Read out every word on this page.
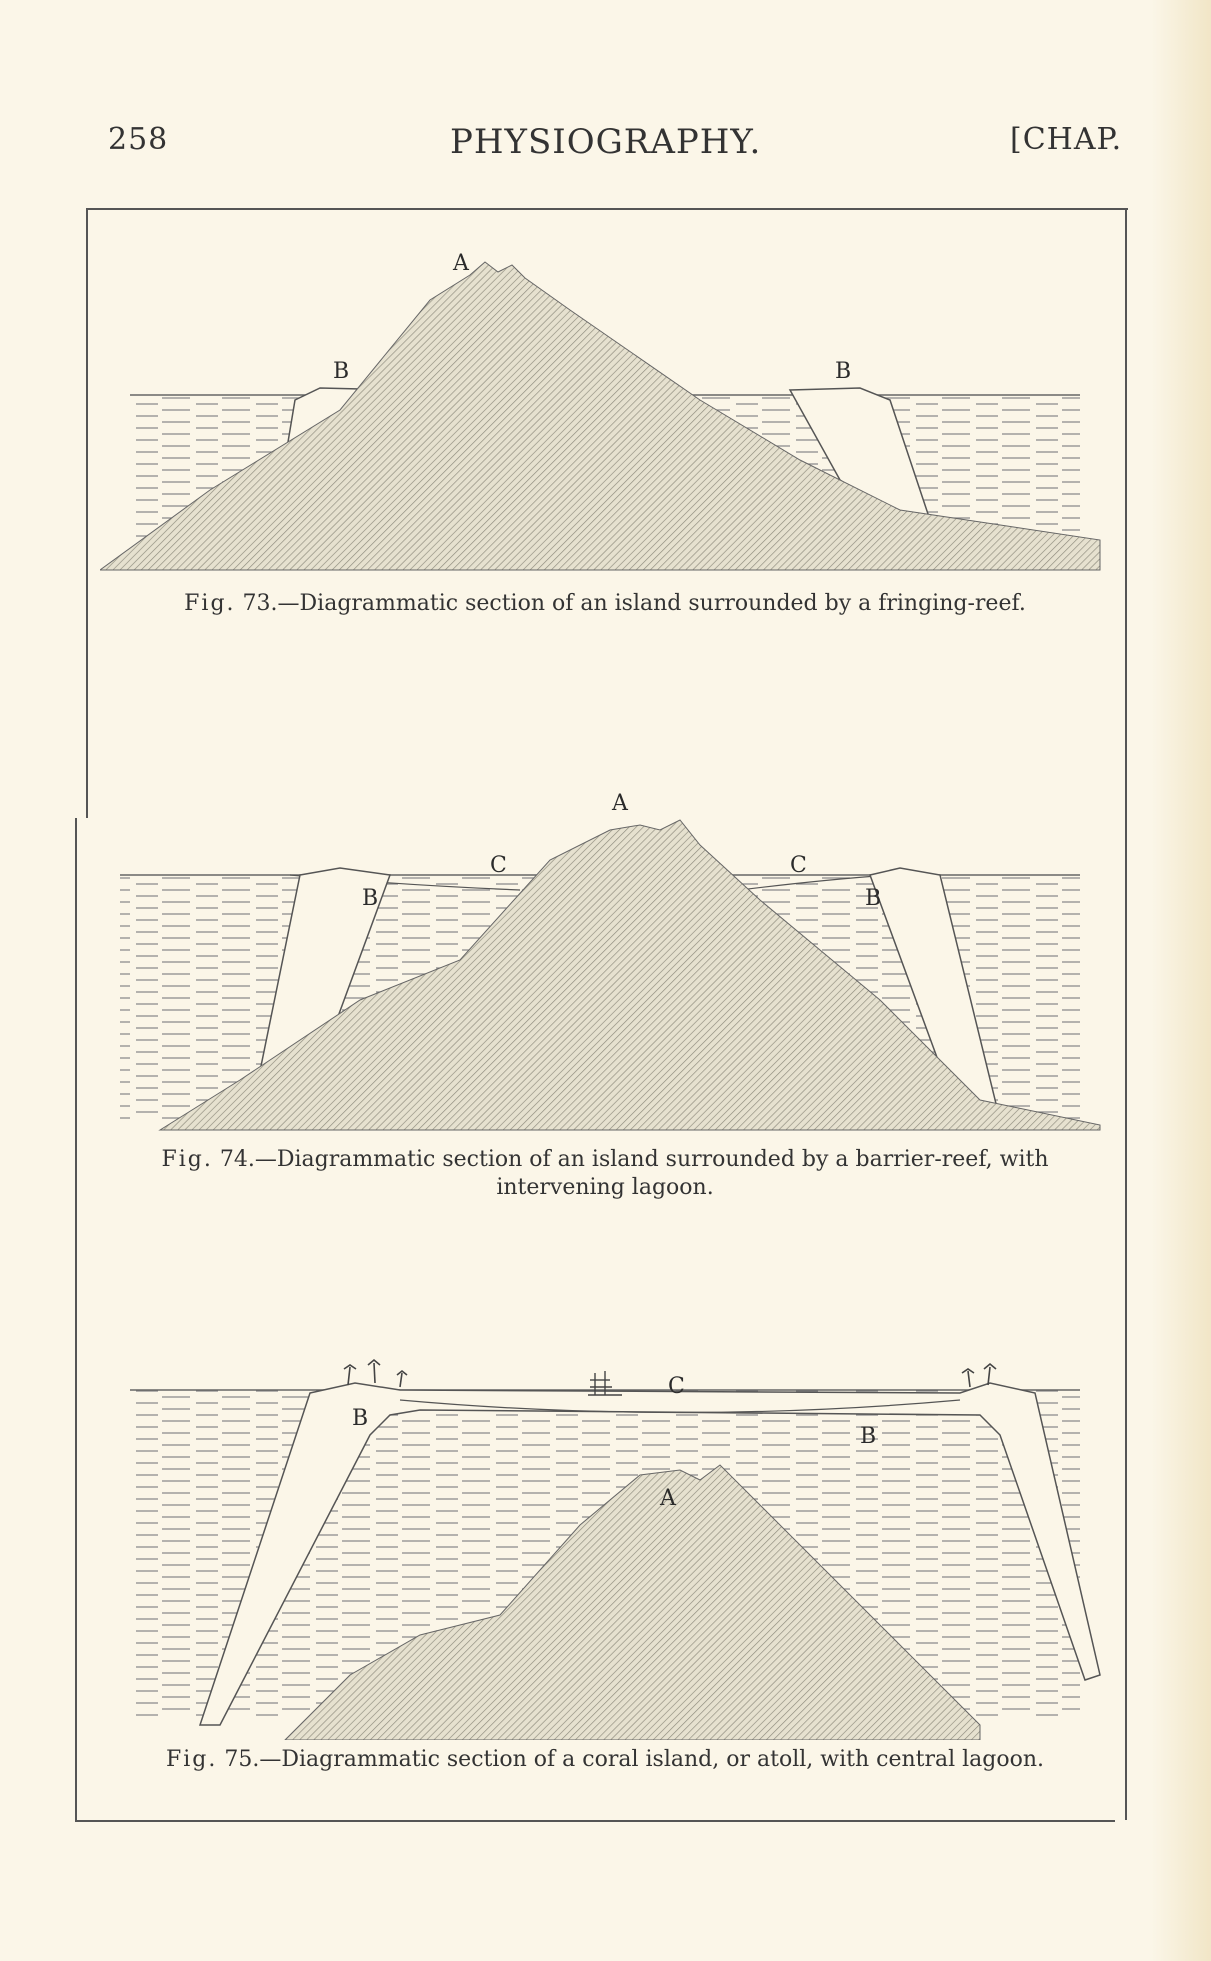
258	PHYSIOGRAPHY.	[CHAP.
A
B	B
Fig. 73.—Diagrammatic section of an island surrounded by a fringing-reef.
A
B	B
C	C
Fig. 74.—Diagrammatic section of an island surrounded by a barrier-reef, with
intervening lagoon.
A
B
B
C
Fig. 75.—Diagrammatic section of a coral island, or atoll, with central lagoon.
